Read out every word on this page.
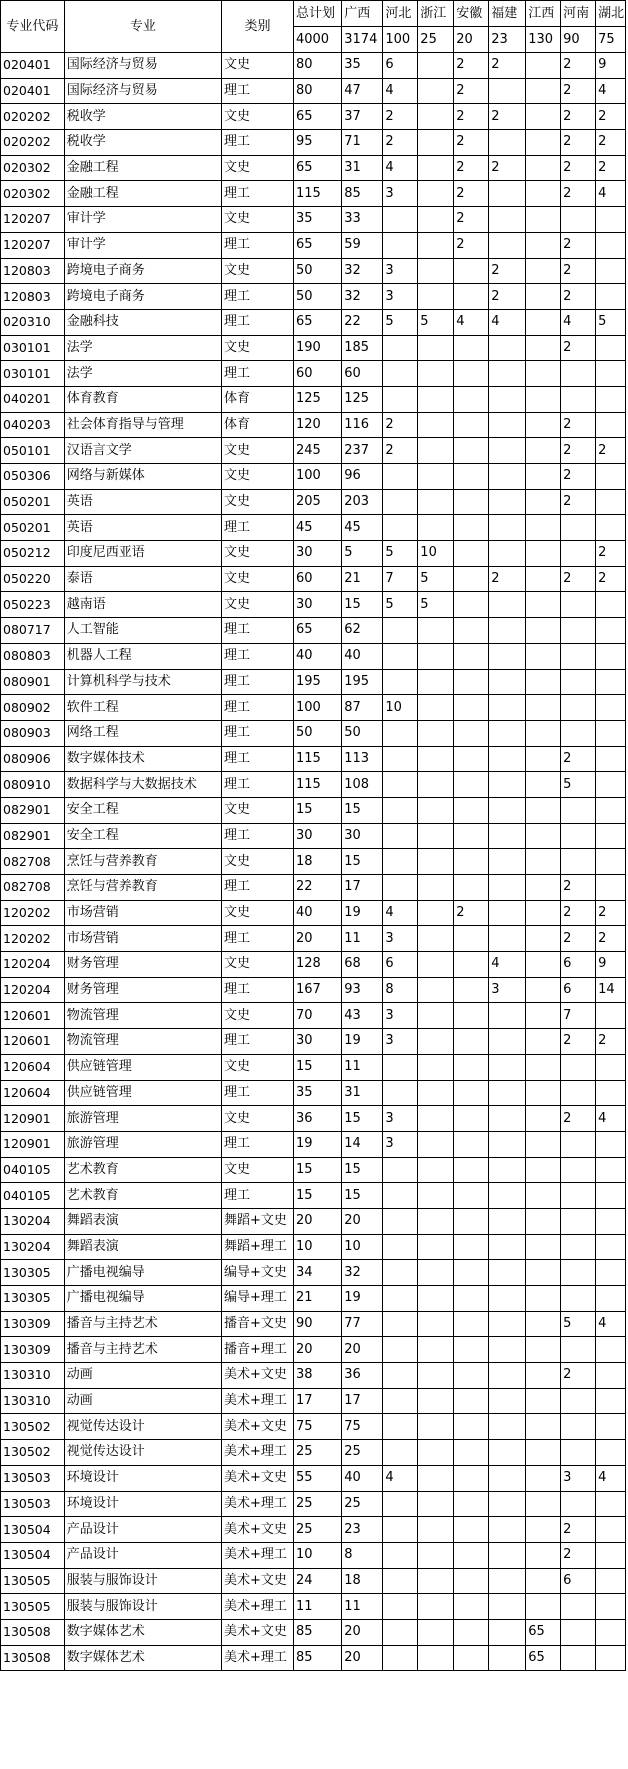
专业代码	专业	类别	总计划	广西	河北	浙江	安徽	福建	江西	河南	湖北
			4000	3174	100	25	20	23	130	90	75
020401	国际经济与贸易	文史	80	35	6		2	2		2	9
020401	国际经济与贸易	理工	80	47	4		2			2	4
020202	税收学	文史	65	37	2		2	2		2	2
020202	税收学	理工	95	71	2		2			2	2
020302	金融工程	文史	65	31	4		2	2		2	2
020302	金融工程	理工	115	85	3		2			2	4
120207	审计学	文史	35	33			2				
120207	审计学	理工	65	59			2			2	
120803	跨境电子商务	文史	50	32	3			2		2	
120803	跨境电子商务	理工	50	32	3			2		2	
020310	金融科技	理工	65	22	5	5	4	4		4	5
030101	法学	文史	190	185						2	
030101	法学	理工	60	60							
040201	体育教育	体育	125	125							
040203	社会体育指导与管理	体育	120	116	2					2	
050101	汉语言文学	文史	245	237	2					2	2
050306	网络与新媒体	文史	100	96						2	
050201	英语	文史	205	203						2	
050201	英语	理工	45	45							
050212	印度尼西亚语	文史	30	5	5	10					2
050220	泰语	文史	60	21	7	5		2		2	2
050223	越南语	文史	30	15	5	5					
080717	人工智能	理工	65	62							
080803	机器人工程	理工	40	40							
080901	计算机科学与技术	理工	195	195							
080902	软件工程	理工	100	87	10						
080903	网络工程	理工	50	50							
080906	数字媒体技术	理工	115	113						2	
080910	数据科学与大数据技术	理工	115	108						5	
082901	安全工程	文史	15	15							
082901	安全工程	理工	30	30							
082708	烹饪与营养教育	文史	18	15							
082708	烹饪与营养教育	理工	22	17						2	
120202	市场营销	文史	40	19	4		2			2	2
120202	市场营销	理工	20	11	3					2	2
120204	财务管理	文史	128	68	6			4		6	9
120204	财务管理	理工	167	93	8			3		6	14
120601	物流管理	文史	70	43	3					7	
120601	物流管理	理工	30	19	3					2	2
120604	供应链管理	文史	15	11							
120604	供应链管理	理工	35	31							
120901	旅游管理	文史	36	15	3					2	4
120901	旅游管理	理工	19	14	3						
040105	艺术教育	文史	15	15							
040105	艺术教育	理工	15	15							
130204	舞蹈表演	舞蹈+文史	20	20							
130204	舞蹈表演	舞蹈+理工	10	10							
130305	广播电视编导	编导+文史	34	32							
130305	广播电视编导	编导+理工	21	19							
130309	播音与主持艺术	播音+文史	90	77						5	4
130309	播音与主持艺术	播音+理工	20	20							
130310	动画	美术+文史	38	36						2	
130310	动画	美术+理工	17	17							
130502	视觉传达设计	美术+文史	75	75							
130502	视觉传达设计	美术+理工	25	25							
130503	环境设计	美术+文史	55	40	4					3	4
130503	环境设计	美术+理工	25	25							
130504	产品设计	美术+文史	25	23						2	
130504	产品设计	美术+理工	10	8						2	
130505	服装与服饰设计	美术+文史	24	18						6	
130505	服装与服饰设计	美术+理工	11	11							
130508	数字媒体艺术	美术+文史	85	20					65		
130508	数字媒体艺术	美术+理工	85	20					65		
